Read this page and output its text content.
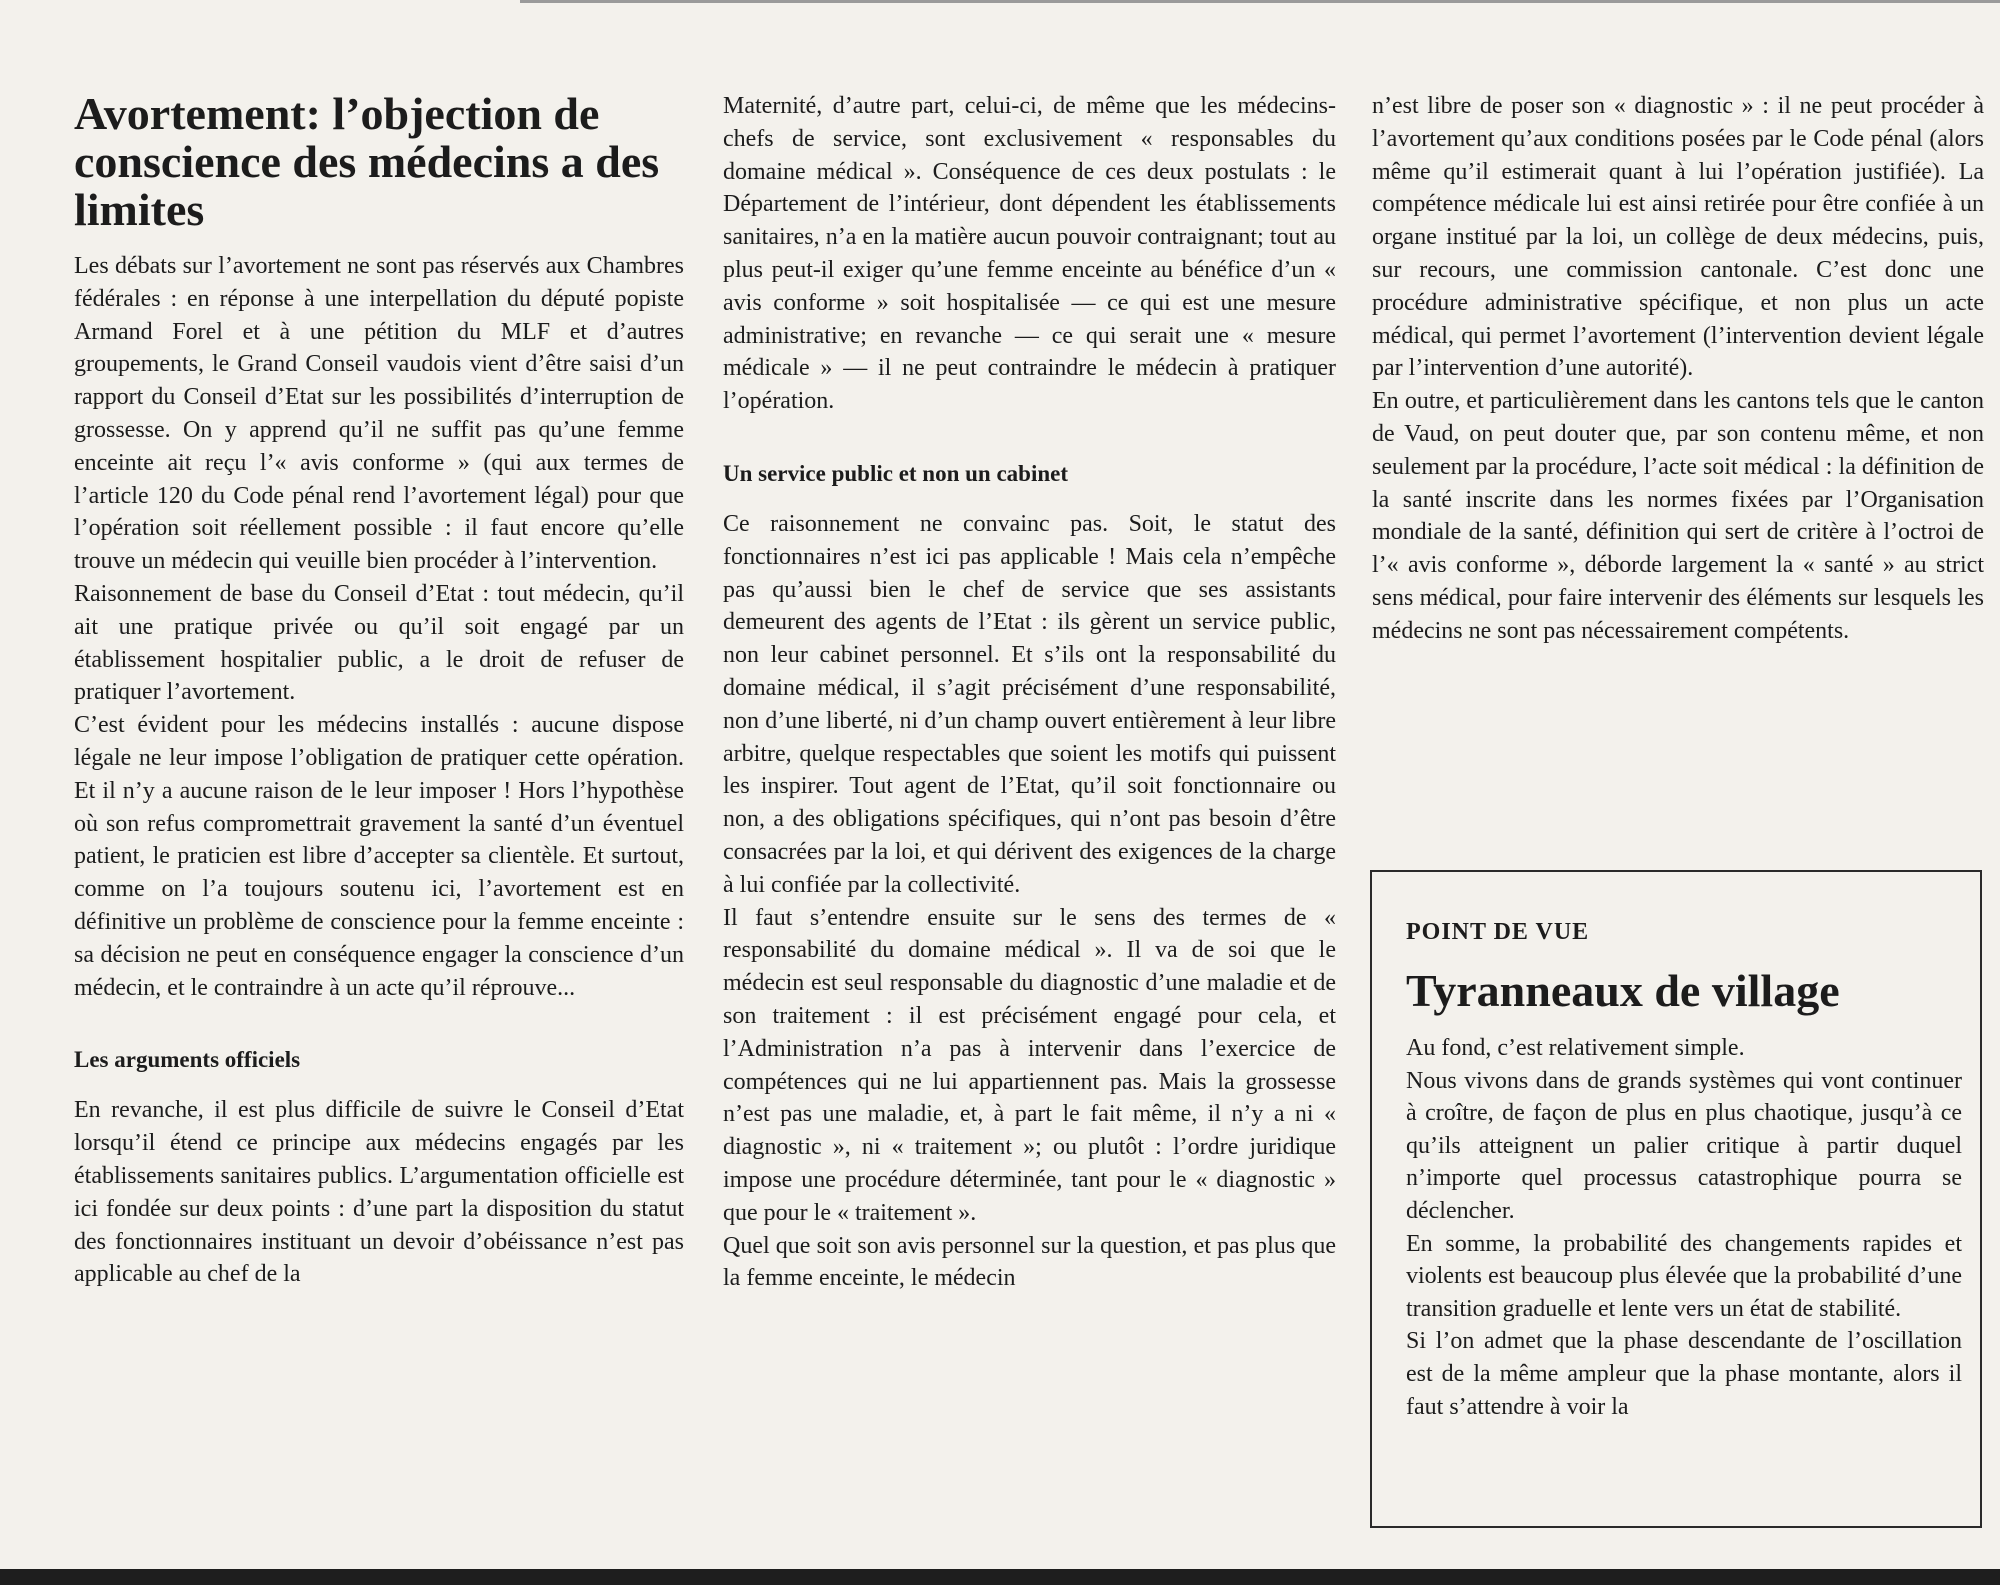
Avortement: l’objection de conscience des médecins a des limites

Les débats sur l’avortement ne sont pas réservés aux Chambres fédérales : en réponse à une interpellation du député popiste Armand Forel et à une pétition du MLF et d’autres groupements, le Grand Conseil vaudois vient d’être saisi d’un rapport du Conseil d’Etat sur les possibilités d’interruption de grossesse. On y apprend qu’il ne suffit pas qu’une femme enceinte ait reçu l’« avis conforme » (qui aux termes de l’article 120 du Code pénal rend l’avortement légal) pour que l’opération soit réellement possible : il faut encore qu’elle trouve un médecin qui veuille bien procéder à l’intervention.

Raisonnement de base du Conseil d’Etat : tout médecin, qu’il ait une pratique privée ou qu’il soit engagé par un établissement hospitalier public, a le droit de refuser de pratiquer l’avortement.

C’est évident pour les médecins installés : aucune dispose légale ne leur impose l’obligation de pratiquer cette opération. Et il n’y a aucune raison de le leur imposer ! Hors l’hypothèse où son refus compromettrait gravement la santé d’un éventuel patient, le praticien est libre d’accepter sa clientèle. Et surtout, comme on l’a toujours soutenu ici, l’avortement est en définitive un problème de conscience pour la femme enceinte : sa décision ne peut en conséquence engager la conscience d’un médecin, et le contraindre à un acte qu’il réprouve...

Les arguments officiels

En revanche, il est plus difficile de suivre le Conseil d’Etat lorsqu’il étend ce principe aux médecins engagés par les établissements sanitaires publics. L’argumentation officielle est ici fondée sur deux points : d’une part la disposition du statut des fonctionnaires instituant un devoir d’obéissance n’est pas applicable au chef de la

Maternité, d’autre part, celui-ci, de même que les médecins-chefs de service, sont exclusivement « responsables du domaine médical ». Conséquence de ces deux postulats : le Département de l’intérieur, dont dépendent les établissements sanitaires, n’a en la matière aucun pouvoir contraignant; tout au plus peut-il exiger qu’une femme enceinte au bénéfice d’un « avis conforme » soit hospitalisée — ce qui est une mesure administrative; en revanche — ce qui serait une « mesure médicale » — il ne peut contraindre le médecin à pratiquer l’opération.

Un service public et non un cabinet

Ce raisonnement ne convainc pas. Soit, le statut des fonctionnaires n’est ici pas applicable ! Mais cela n’empêche pas qu’aussi bien le chef de service que ses assistants demeurent des agents de l’Etat : ils gèrent un service public, non leur cabinet personnel. Et s’ils ont la responsabilité du domaine médical, il s’agit précisément d’une responsabilité, non d’une liberté, ni d’un champ ouvert entièrement à leur libre arbitre, quelque respectables que soient les motifs qui puissent les inspirer. Tout agent de l’Etat, qu’il soit fonctionnaire ou non, a des obligations spécifiques, qui n’ont pas besoin d’être consacrées par la loi, et qui dérivent des exigences de la charge à lui confiée par la collectivité.

Il faut s’entendre ensuite sur le sens des termes de « responsabilité du domaine médical ». Il va de soi que le médecin est seul responsable du diagnostic d’une maladie et de son traitement : il est précisément engagé pour cela, et l’Administration n’a pas à intervenir dans l’exercice de compétences qui ne lui appartiennent pas. Mais la grossesse n’est pas une maladie, et, à part le fait même, il n’y a ni « diagnostic », ni « traitement »; ou plutôt : l’ordre juridique impose une procédure déterminée, tant pour le « diagnostic » que pour le « traitement ».

Quel que soit son avis personnel sur la question, et pas plus que la femme enceinte, le médecin

n’est libre de poser son « diagnostic » : il ne peut procéder à l’avortement qu’aux conditions posées par le Code pénal (alors même qu’il estimerait quant à lui l’opération justifiée). La compétence médicale lui est ainsi retirée pour être confiée à un organe institué par la loi, un collège de deux médecins, puis, sur recours, une commission cantonale. C’est donc une procédure administrative spécifique, et non plus un acte médical, qui permet l’avortement (l’intervention devient légale par l’intervention d’une autorité).

En outre, et particulièrement dans les cantons tels que le canton de Vaud, on peut douter que, par son contenu même, et non seulement par la procédure, l’acte soit médical : la définition de la santé inscrite dans les normes fixées par l’Organisation mondiale de la santé, définition qui sert de critère à l’octroi de l’« avis conforme », déborde largement la « santé » au strict sens médical, pour faire intervenir des éléments sur lesquels les médecins ne sont pas nécessairement compétents.

POINT DE VUE
Tyranneaux de village

Au fond, c’est relativement simple.

Nous vivons dans de grands systèmes qui vont continuer à croître, de façon de plus en plus chaotique, jusqu’à ce qu’ils atteignent un palier critique à partir duquel n’importe quel processus catastrophique pourra se déclencher.

En somme, la probabilité des changements rapides et violents est beaucoup plus élevée que la probabilité d’une transition graduelle et lente vers un état de stabilité.

Si l’on admet que la phase descendante de l’oscillation est de la même ampleur que la phase montante, alors il faut s’attendre à voir la
